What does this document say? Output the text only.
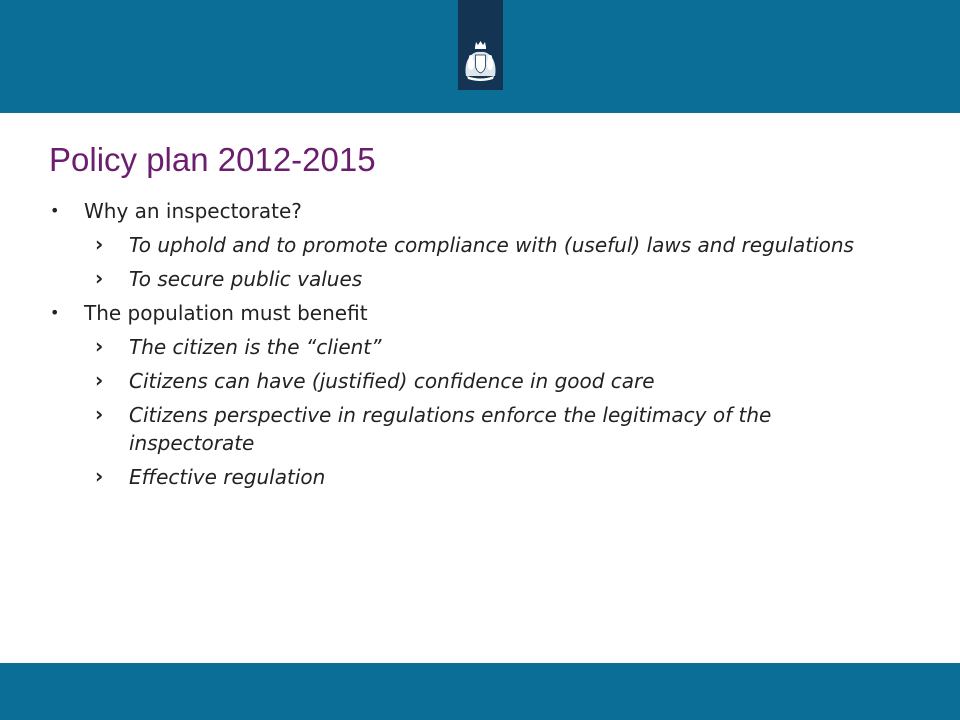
Policy plan 2012-2015
• Why an inspectorate?
› To uphold and to promote compliance with (useful) laws and regulations
› To secure public values
• The population must benefit
› The citizen is the “client”
› Citizens can have (justified) confidence in good care
› Citizens perspective in regulations enforce the legitimacy of the inspectorate
› Effective regulation
